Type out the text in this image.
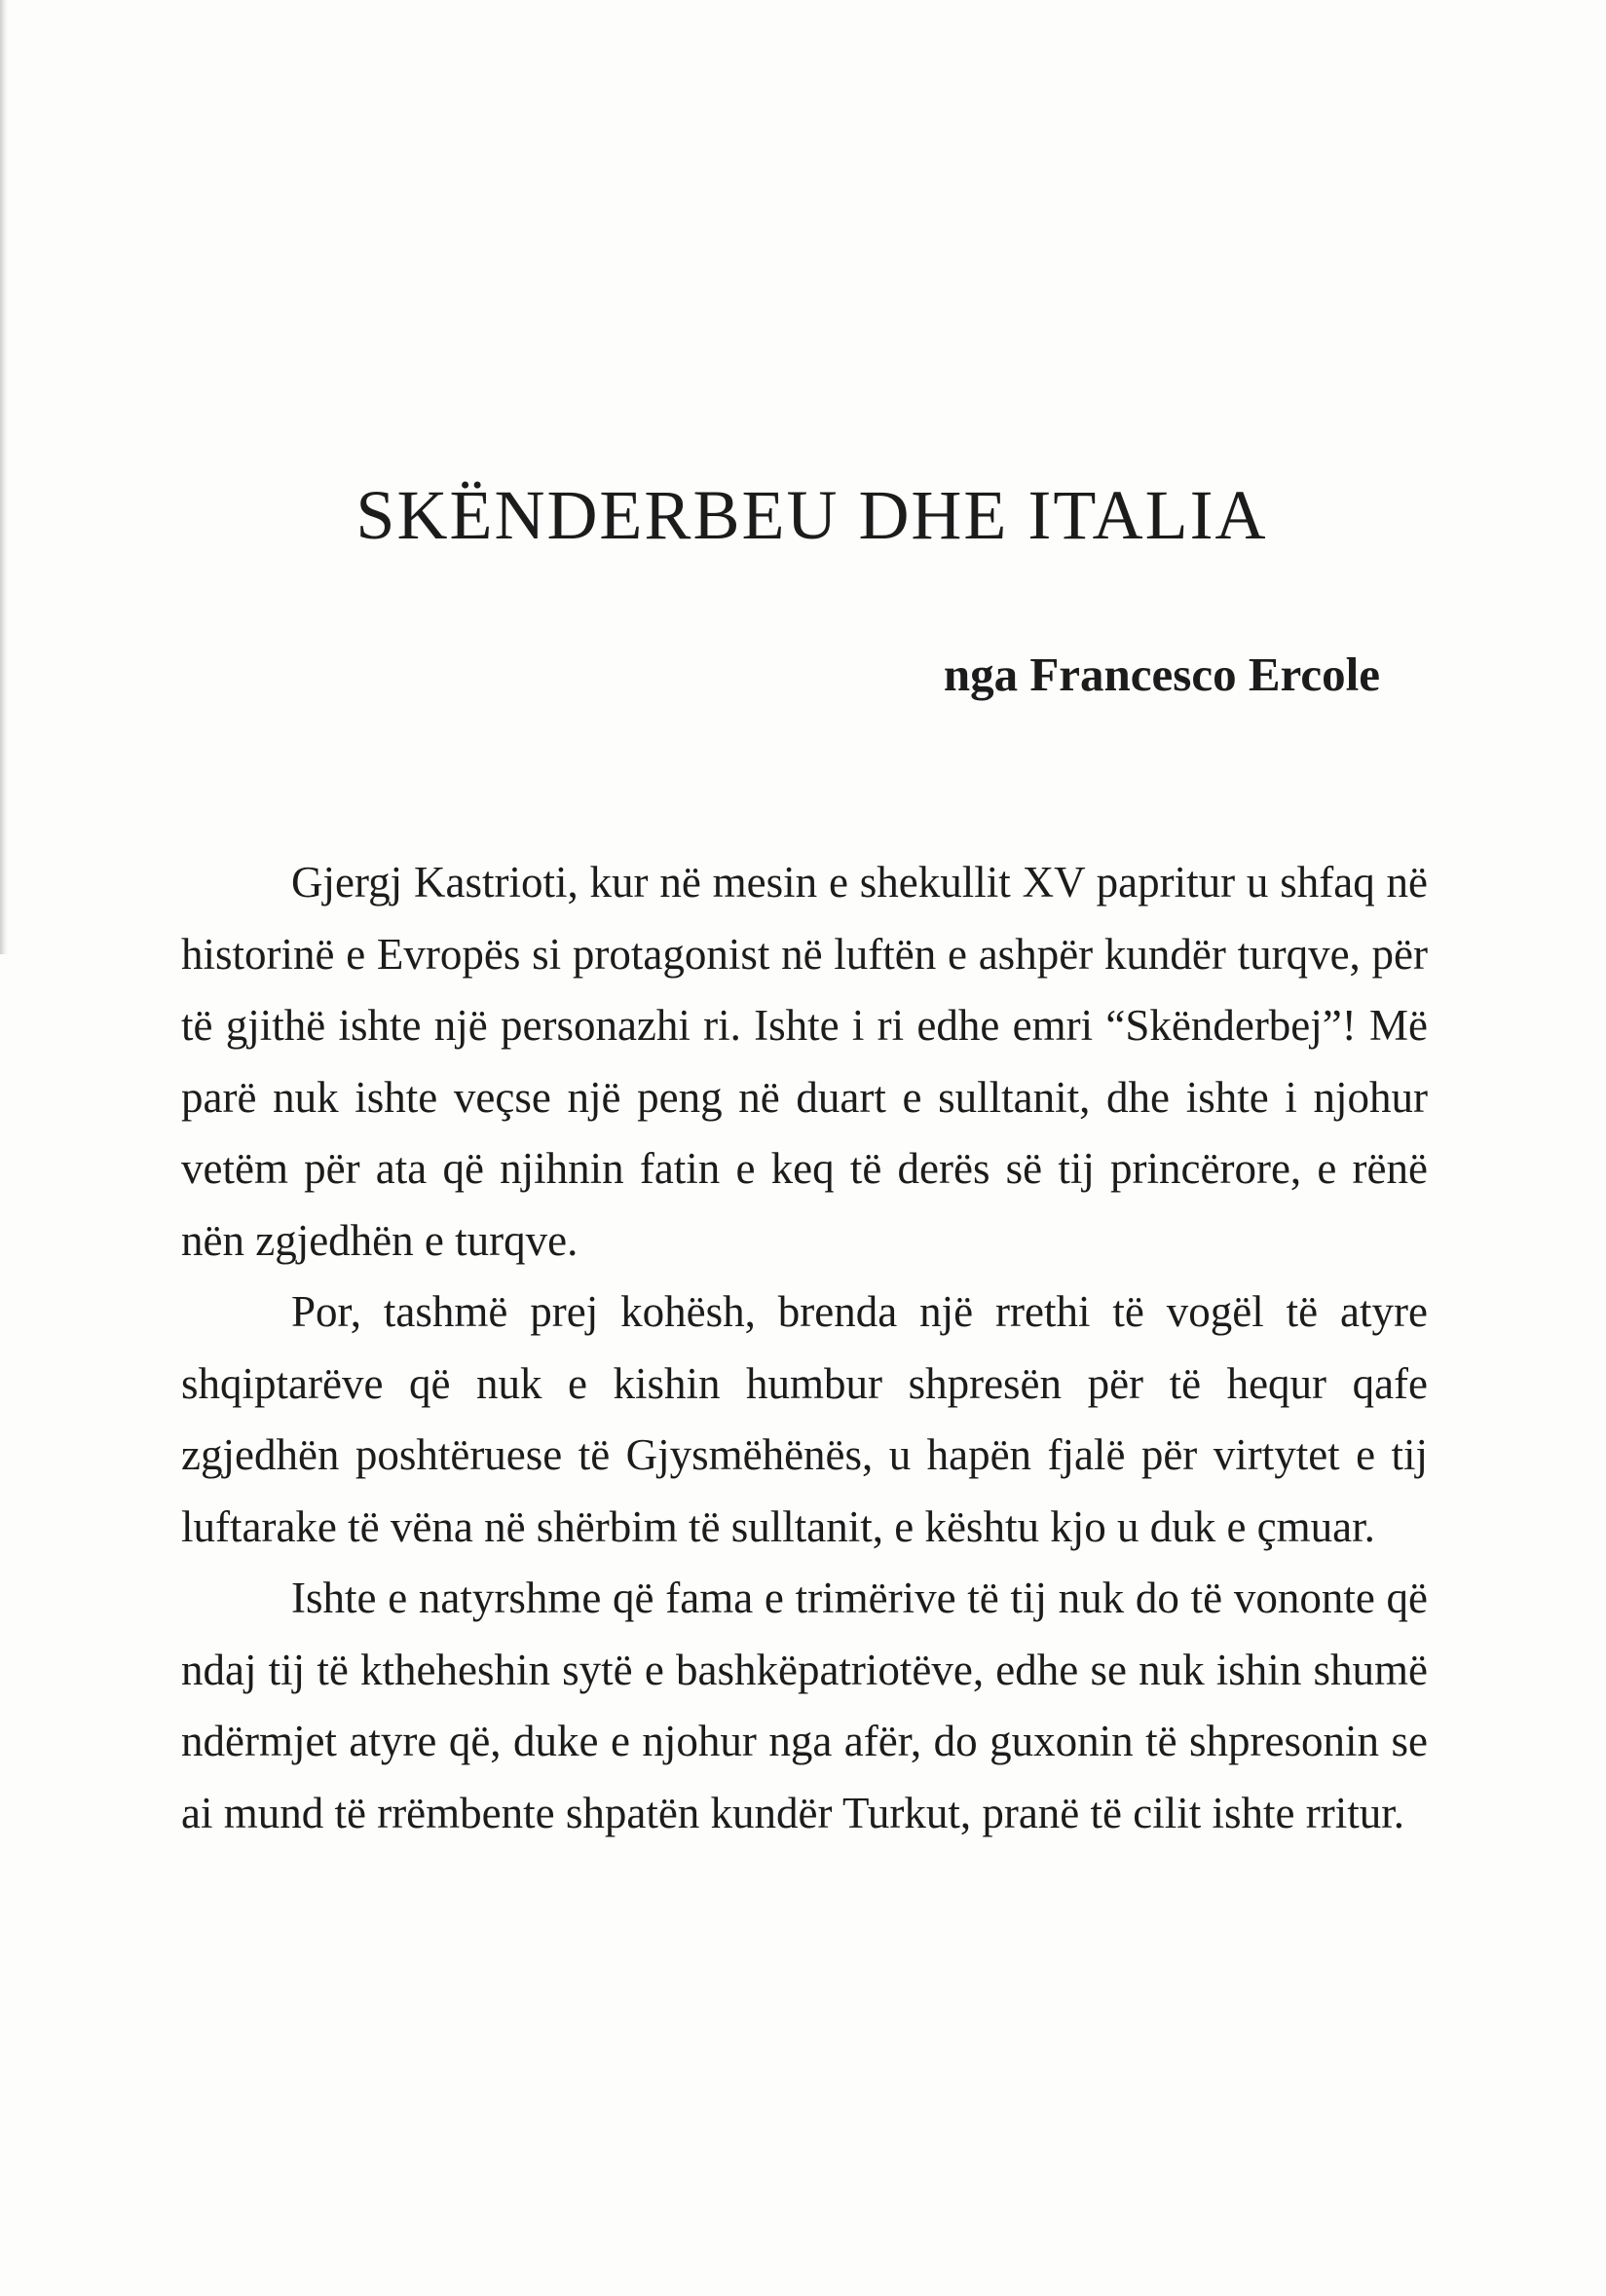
SKËNDERBEU DHE ITALIA
nga Francesco Ercole

Gjergj Kastrioti, kur në mesin e shekullit XV papritur u shfaq në historinë e Evropës si protagonist në luftën e ashpër kundër turqve, për të gjithë ishte një personazhi ri. Ishte i ri edhe emri “Skënderbej”! Më parë nuk ishte veçse një peng në duart e sulltanit, dhe ishte i njohur vetëm për ata që njihnin fatin e keq të derës së tij princërore, e rënë nën zgjedhën e turqve.

Por, tashmë prej kohësh, brenda një rrethi të vogël të atyre shqiptarëve që nuk e kishin humbur shpresën për të hequr qafe zgjedhën poshtëruese të Gjysmëhënës, u hapën fjalë për virtytet e tij luftarake të vëna në shërbim të sulltanit, e kështu kjo u duk e çmuar.

Ishte e natyrshme që fama e trimërive të tij nuk do të vononte që ndaj tij të ktheheshin sytë e bashkëpatriotëve, edhe se nuk ishin shumë ndërmjet atyre që, duke e njohur nga afër, do guxonin të shpresonin se ai mund të rrëmbente shpatën kundër Turkut, pranë të cilit ishte rritur.
